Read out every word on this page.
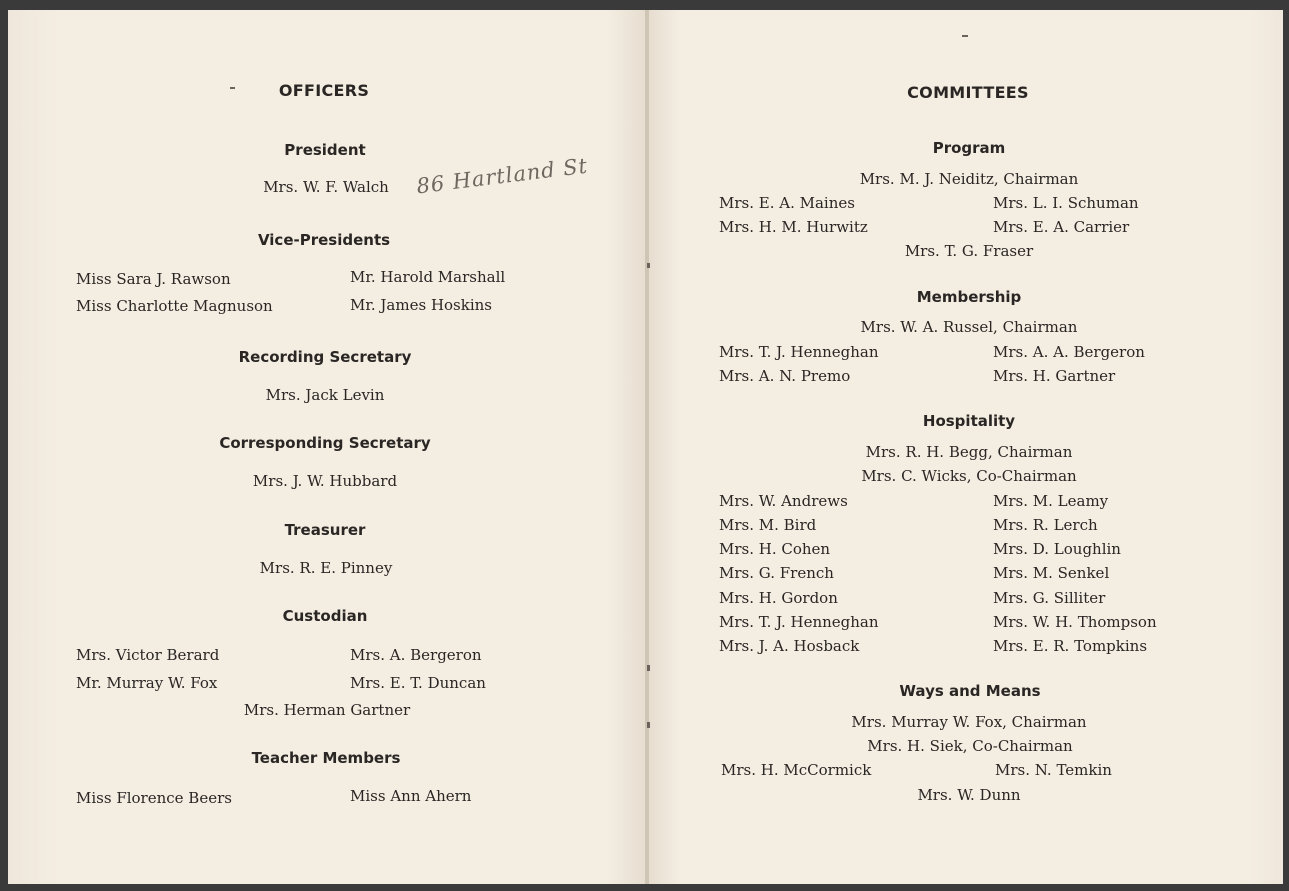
OFFICERS
President
Mrs. W. F. Walch 86 Hartland St
Vice-Presidents
Miss Sara J. Rawson	Mr. Harold Marshall
Miss Charlotte Magnuson	Mr. James Hoskins
Recording Secretary
Mrs. Jack Levin
Corresponding Secretary
Mrs. J. W. Hubbard
Treasurer
Mrs. R. E. Pinney
Custodian
Mrs. Victor Berard	Mrs. A. Bergeron
Mr. Murray W. Fox	Mrs. E. T. Duncan
Mrs. Herman Gartner
Teacher Members
Miss Florence Beers	Miss Ann Ahern
COMMITTEES
Program
Mrs. M. J. Neiditz, Chairman
Mrs. E. A. Maines	Mrs. L. I. Schuman
Mrs. H. M. Hurwitz	Mrs. E. A. Carrier
Mrs. T. G. Fraser
Membership
Mrs. W. A. Russel, Chairman
Mrs. T. J. Henneghan	Mrs. A. A. Bergeron
Mrs. A. N. Premo	Mrs. H. Gartner
Hospitality
Mrs. R. H. Begg, Chairman
Mrs. C. Wicks, Co-Chairman
Mrs. W. Andrews	Mrs. M. Leamy
Mrs. M. Bird	Mrs. R. Lerch
Mrs. H. Cohen	Mrs. D. Loughlin
Mrs. G. French	Mrs. M. Senkel
Mrs. H. Gordon	Mrs. G. Silliter
Mrs. T. J. Henneghan	Mrs. W. H. Thompson
Mrs. J. A. Hosback	Mrs. E. R. Tompkins
Ways and Means
Mrs. Murray W. Fox, Chairman
Mrs. H. Siek, Co-Chairman
Mrs. H. McCormick	Mrs. N. Temkin
Mrs. W. Dunn
